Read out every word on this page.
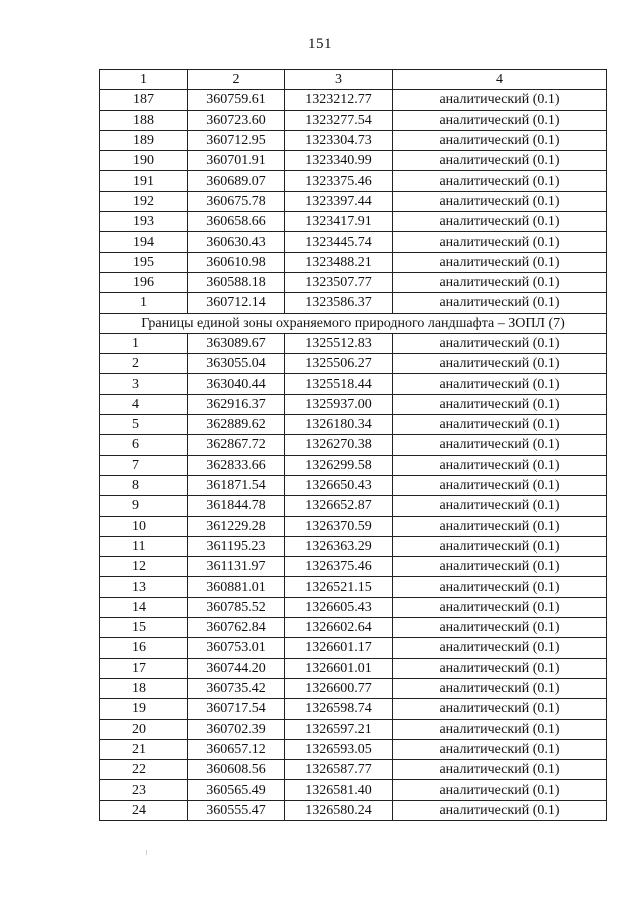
151
1	2	3	4
187	360759.61	1323212.77	аналитический (0.1)
188	360723.60	1323277.54	аналитический (0.1)
189	360712.95	1323304.73	аналитический (0.1)
190	360701.91	1323340.99	аналитический (0.1)
191	360689.07	1323375.46	аналитический (0.1)
192	360675.78	1323397.44	аналитический (0.1)
193	360658.66	1323417.91	аналитический (0.1)
194	360630.43	1323445.74	аналитический (0.1)
195	360610.98	1323488.21	аналитический (0.1)
196	360588.18	1323507.77	аналитический (0.1)
1	360712.14	1323586.37	аналитический (0.1)
Границы единой зоны охраняемого природного ландшафта – ЗОПЛ (7)			
1	363089.67	1325512.83	аналитический (0.1)
2	363055.04	1325506.27	аналитический (0.1)
3	363040.44	1325518.44	аналитический (0.1)
4	362916.37	1325937.00	аналитический (0.1)
5	362889.62	1326180.34	аналитический (0.1)
6	362867.72	1326270.38	аналитический (0.1)
7	362833.66	1326299.58	аналитический (0.1)
8	361871.54	1326650.43	аналитический (0.1)
9	361844.78	1326652.87	аналитический (0.1)
10	361229.28	1326370.59	аналитический (0.1)
11	361195.23	1326363.29	аналитический (0.1)
12	361131.97	1326375.46	аналитический (0.1)
13	360881.01	1326521.15	аналитический (0.1)
14	360785.52	1326605.43	аналитический (0.1)
15	360762.84	1326602.64	аналитический (0.1)
16	360753.01	1326601.17	аналитический (0.1)
17	360744.20	1326601.01	аналитический (0.1)
18	360735.42	1326600.77	аналитический (0.1)
19	360717.54	1326598.74	аналитический (0.1)
20	360702.39	1326597.21	аналитический (0.1)
21	360657.12	1326593.05	аналитический (0.1)
22	360608.56	1326587.77	аналитический (0.1)
23	360565.49	1326581.40	аналитический (0.1)
24	360555.47	1326580.24	аналитический (0.1)
